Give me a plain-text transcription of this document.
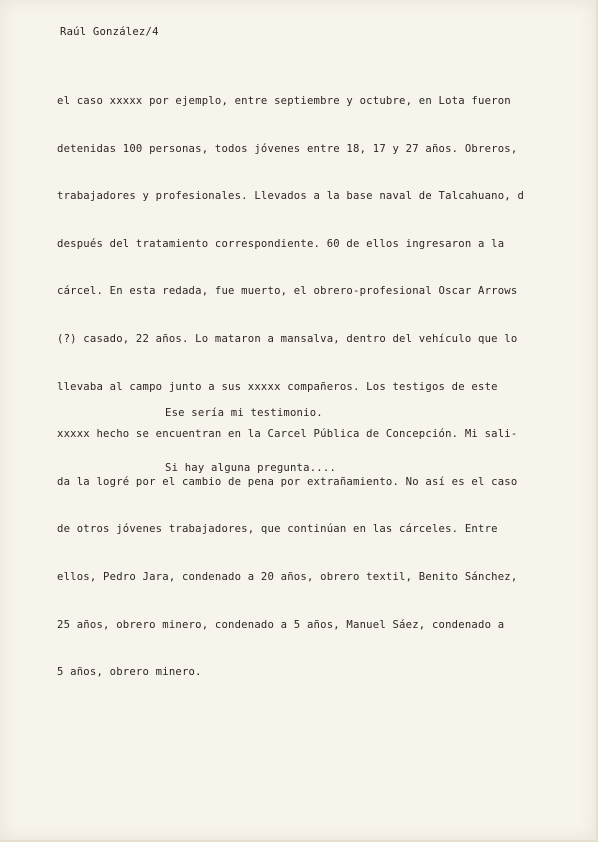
Raúl González/4

el caso xxxxx por ejemplo, entre septiembre y octubre, en Lota fueron

detenidas 100 personas, todos jóvenes entre 18, 17 y 27 años. Obreros,

trabajadores y profesionales. Llevados a la base naval de Talcahuano, d

después del tratamiento correspondiente. 60 de ellos ingresaron a la

cárcel. En esta redada, fue muerto, el obrero-profesional Oscar Arrows

(?) casado, 22 años. Lo mataron a mansalva, dentro del vehículo que lo

llevaba al campo junto a sus xxxxx compañeros. Los testigos de este

xxxxx hecho se encuentran en la Carcel Pública de Concepción. Mi sali-

da la logré por el cambio de pena por extrañamiento. No así es el caso

de otros jóvenes trabajadores, que continúan en las cárceles. Entre

ellos, Pedro Jara, condenado a 20 años, obrero textil, Benito Sánchez,

25 años, obrero minero, condenado a 5 años, Manuel Sáez, condenado a

5 años, obrero minero.

Ese sería mi testimonio.

Si hay alguna pregunta....
